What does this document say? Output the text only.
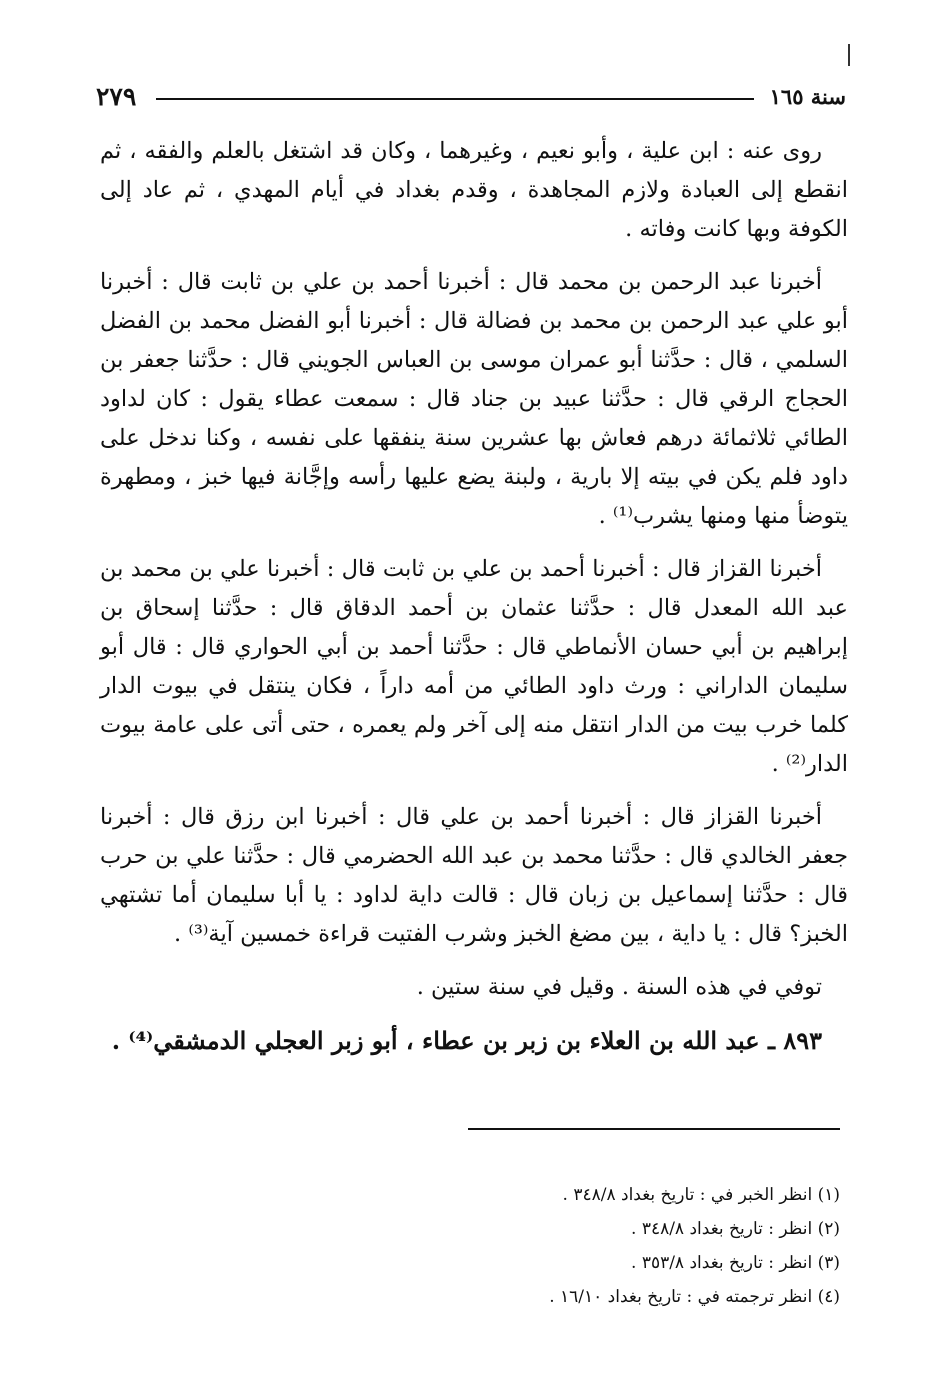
٢٧٩	سنة ١٦٥

روى عنه : ابن علية ، وأبو نعيم ، وغيرهما ، وكان قد اشتغل بالعلم والفقه ، ثم انقطع إلى العبادة ولازم المجاهدة ، وقدم بغداد في أيام المهدي ، ثم عاد إلى الكوفة وبها كانت وفاته .

أخبرنا عبد الرحمن بن محمد قال : أخبرنا أحمد بن علي بن ثابت قال : أخبرنا أبو علي عبد الرحمن بن محمد بن فضالة قال : أخبرنا أبو الفضل محمد بن الفضل السلمي ، قال : حدَّثنا أبو عمران موسى بن العباس الجويني قال : حدَّثنا جعفر بن الحجاج الرقي قال : حدَّثنا عبيد بن جناد قال : سمعت عطاء يقول : كان لداود الطائي ثلاثمائة درهم فعاش بها عشرين سنة ينفقها على نفسه ، وكنا ندخل على داود فلم يكن في بيته إلا بارية ، ولبنة يضع عليها رأسه وإجَّانة فيها خبز ، ومطهرة يتوضأ منها ومنها يشرب⁽¹⁾ .

أخبرنا القزاز قال : أخبرنا أحمد بن علي بن ثابت قال : أخبرنا علي بن محمد بن عبد الله المعدل قال : حدَّثنا عثمان بن أحمد الدقاق قال : حدَّثنا إسحاق بن إبراهيم بن أبي حسان الأنماطي قال : حدَّثنا أحمد بن أبي الحواري قال : قال أبو سليمان الداراني : ورث داود الطائي من أمه داراً ، فكان ينتقل في بيوت الدار كلما خرب بيت من الدار انتقل منه إلى آخر ولم يعمره ، حتى أتى على عامة بيوت الدار⁽²⁾ .

أخبرنا القزاز قال : أخبرنا أحمد بن علي قال : أخبرنا ابن رزق قال : أخبرنا جعفر الخالدي قال : حدَّثنا محمد بن عبد الله الحضرمي قال : حدَّثنا علي بن حرب قال : حدَّثنا إسماعيل بن زبان قال : قالت داية لداود : يا أبا سليمان أما تشتهي الخبز؟ قال : يا داية ، بين مضغ الخبز وشرب الفتيت قراءة خمسين آية⁽³⁾ .

توفي في هذه السنة . وقيل في سنة ستين .

٨٩٣ ـ عبد الله بن العلاء بن زبر بن عطاء ، أبو زبر العجلي الدمشقي⁽⁴⁾ .

(١) انظر الخبر في : تاريخ بغداد ٣٤٨/٨ .

(٢) انظر : تاريخ بغداد ٣٤٨/٨ .

(٣) انظر : تاريخ بغداد ٣٥٣/٨ .

(٤) انظر ترجمته في : تاريخ بغداد ١٦/١٠ .
